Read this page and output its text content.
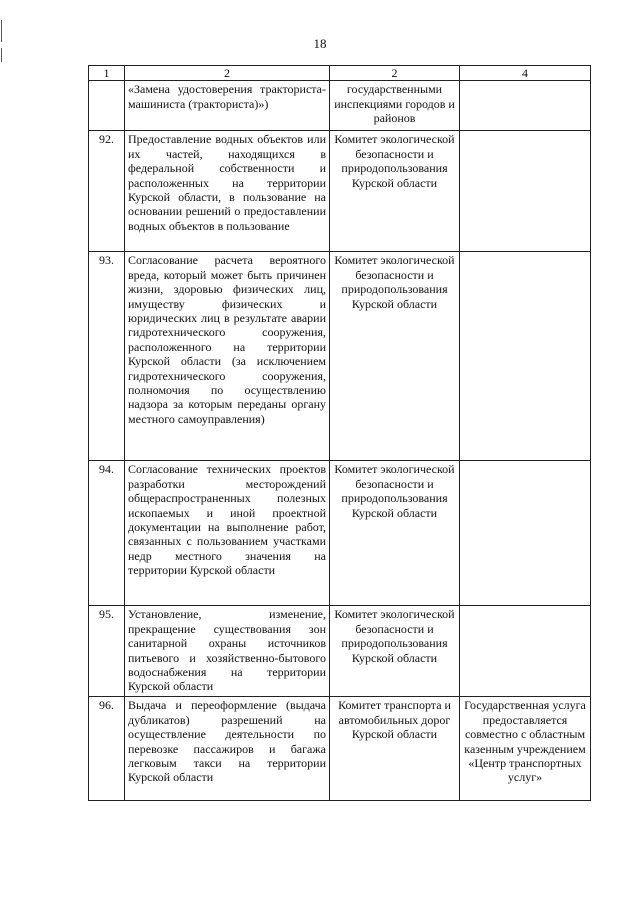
18
1	2	2	4
	«Замена удостоверения тракториста-машиниста (тракториста)»)	государственными инспекциями городов и районов	
92.	Предоставление водных объектов или их частей, находящихся в федеральной собственности и расположенных на территории Курской области, в пользование на основании решений о предоставлении водных объектов в пользование	Комитет экологической безопасности и природопользования Курской области	
93.	Согласование расчета вероятного вреда, который может быть причинен жизни, здоровью физических лиц, имуществу физических и юридических лиц в результате аварии гидротехнического сооружения, расположенного на территории Курской области (за исключением гидротехнического сооружения, полномочия по осуществлению надзора за которым переданы органу местного самоуправления)	Комитет экологической безопасности и природопользования Курской области	
94.	Согласование технических проектов разработки месторождений общераспространенных полезных ископаемых и иной проектной документации на выполнение работ, связанных с пользованием участками недр местного значения на территории Курской области	Комитет экологической безопасности и природопользования Курской области	
95.	Установление, изменение, прекращение существования зон санитарной охраны источников питьевого и хозяйственно-бытового водоснабжения на территории Курской области	Комитет экологической безопасности и природопользования Курской области	
96.	Выдача и переоформление (выдача дубликатов) разрешений на осуществление деятельности по перевозке пассажиров и багажа легковым такси на территории Курской области	Комитет транспорта и автомобильных дорог Курской области	Государственная услуга предоставляется совместно с областным казенным учреждением «Центр транспортных услуг»
